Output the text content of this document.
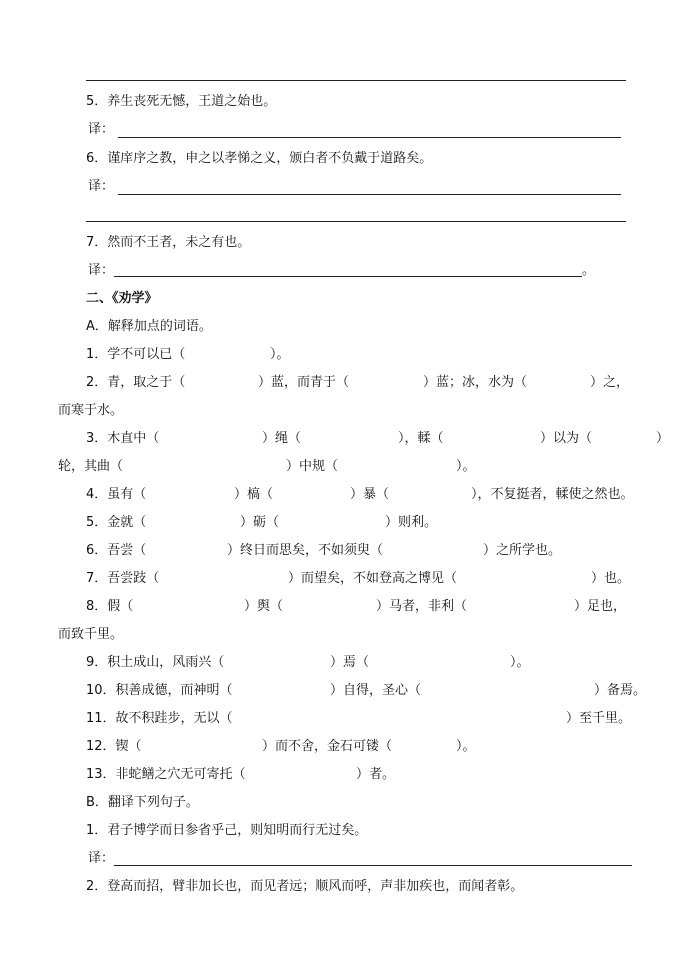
5．养生丧死无憾，王道之始也。
译：
6．谨庠序之教，申之以孝悌之义，颁白者不负戴于道路矣。
译：
7．然而不王者，未之有也。
译：	。
二、《劝学》
A．解释加点的词语。
1．学不可以已（	）。
2．青，取之于（	）蓝，而青于（	）蓝；冰，水为（	）之，
而寒于水。
3．木直中（	）绳（	），輮（	）以为（	）
轮，其曲（	）中规（	）。
4．虽有（	）槁（	）暴（	），不复挺者，輮使之然也。
5．金就（	）砺（	）则利。
6．吾尝（	）终日而思矣，不如须臾（	）之所学也。
7．吾尝跂（	）而望矣，不如登高之博见（	）也。
8．假（	）舆（	）马者，非利（	）足也，
而致千里。
9．积土成山，风雨兴（	）焉（	）。
10．积善成德，而神明（	）自得，圣心（	）备焉。
11．故不积跬步，无以（	）至千里。
12．锲（	）而不舍，金石可镂（	）。
13．非蛇鳝之穴无可寄托（	）者。
B．翻译下列句子。
1．君子博学而日参省乎己，则知明而行无过矣。
译：
2．登高而招，臂非加长也，而见者远；顺风而呼，声非加疾也，而闻者彰。
